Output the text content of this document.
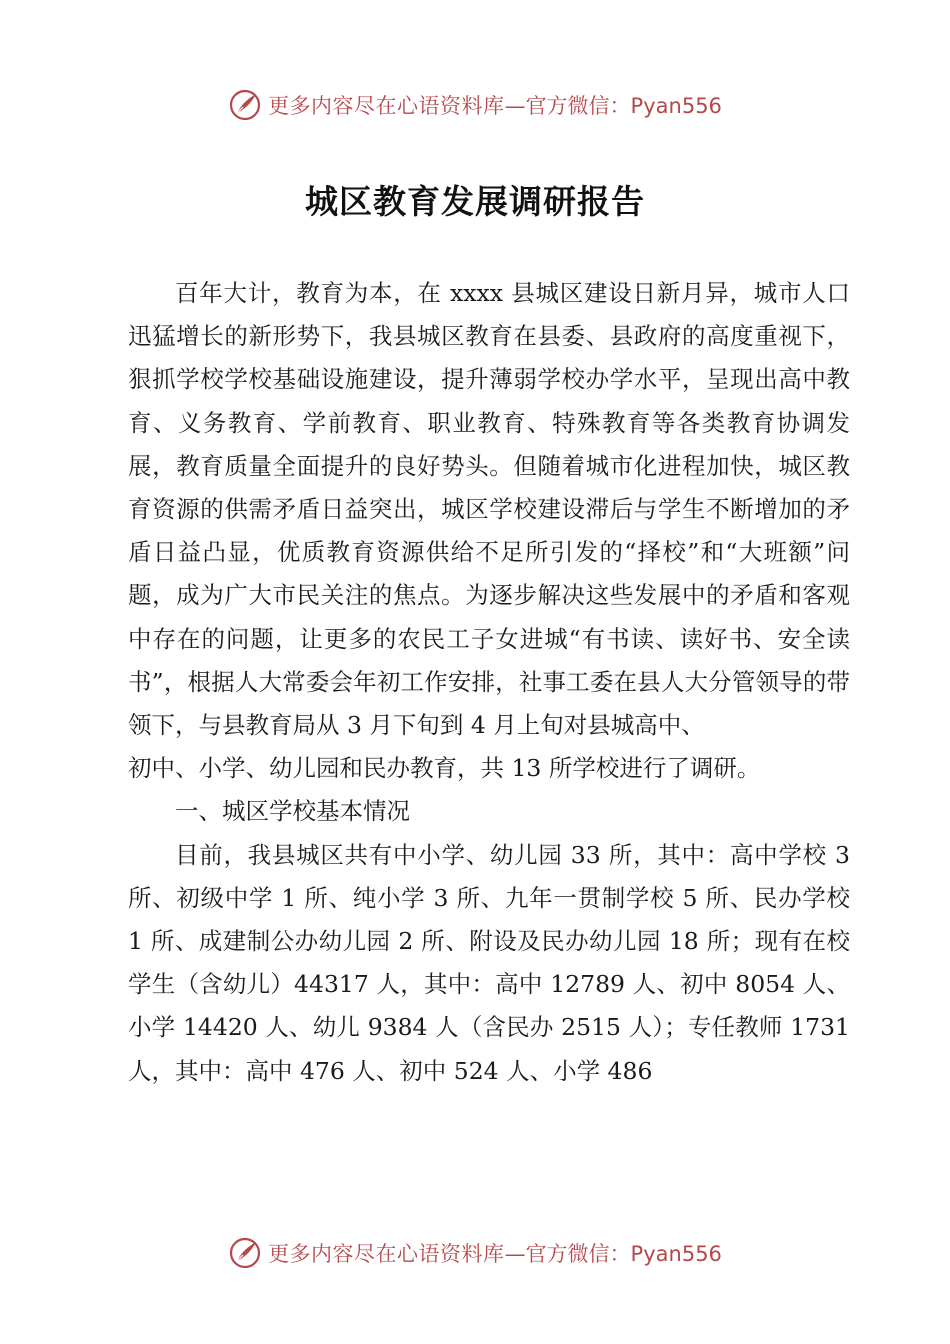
更多内容尽在心语资料库 —官方微信：Pyan556
城区教育发展调研报告

百年大计，教育为本，在 xxxx 县城区建设日新月异，城市人口迅猛增长的新形势下，我县城区教育在县委、县政府的高度重视下，狠抓学校学校基础设施建设，提升薄弱学校办学水平，呈现出高中教育、义务教育、学前教育、职业教育、特殊教育等各类教育协调发展，教育质量全面提升的良好势头。但随着城市化进程加快，城区教育资源的供需矛盾日益突出，城区学校建设滞后与学生不断增加的矛盾日益凸显，优质教育资源供给不足所引发的“择校”和“大班额”问题，成为广大市民关注的焦点。为逐步解决这些发展中的矛盾和客观中存在的问题，让更多的农民工子女进城“有书读、读好书、安全读书”，根据人大常委会年初工作安排，社事工委在县人大分管领导的带领下，与县教育局从 3 月下旬到 4 月上旬对县城高中、

初中、小学、幼儿园和民办教育，共 13 所学校进行了调研。

一、城区学校基本情况

目前，我县城区共有中小学、幼儿园 33 所，其中：高中学校 3 所、初级中学 1 所、纯小学 3 所、九年一贯制学校 5 所、民办学校 1 所、成建制公办幼儿园 2 所、附设及民办幼儿园 18 所；现有在校学生（含幼儿）44317 人，其中：高中 12789 人、初中 8054 人、小学 14420 人、幼儿 9384 人（含民办 2515 人）；专任教师 1731 人，其中：高中 476 人、初中 524 人、小学 486

更多内容尽在心语资料库 —官方微信：Pyan556
